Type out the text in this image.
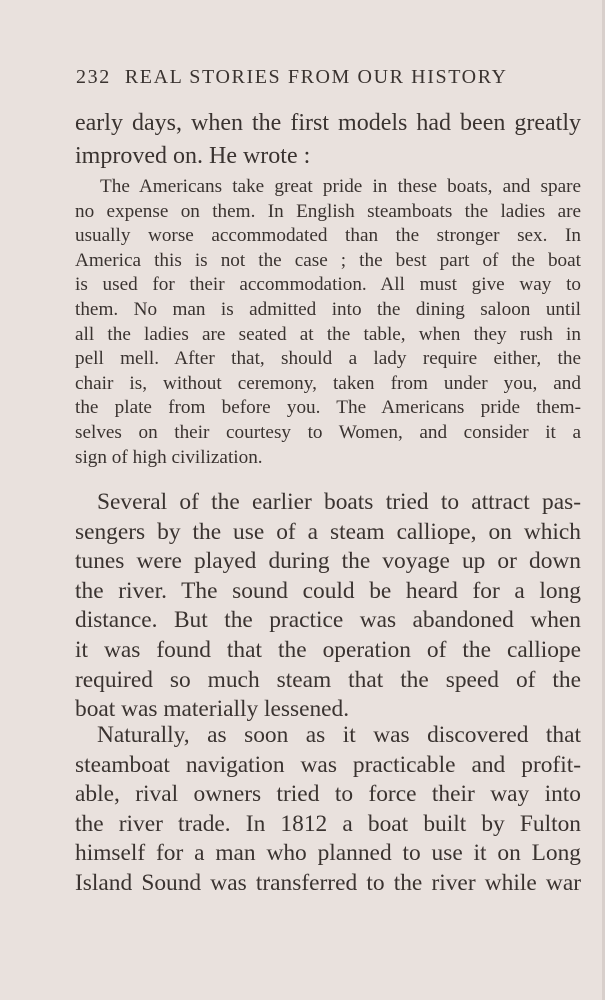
232 REAL STORIES FROM OUR HISTORY
early days, when the first models had been greatly
improved on. He wrote :
The Americans take great pride in these boats, and spare
no expense on them. In English steamboats the ladies are
usually worse accommodated than the stronger sex. In
America this is not the case ; the best part of the boat
is used for their accommodation. All must give way to
them. No man is admitted into the dining saloon until
all the ladies are seated at the table, when they rush in
pell mell. After that, should a lady require either, the
chair is, without ceremony, taken from under you, and
the plate from before you. The Americans pride them-
selves on their courtesy to Women, and consider it a
sign of high civilization.
Several of the earlier boats tried to attract pas-
sengers by the use of a steam calliope, on which
tunes were played during the voyage up or down
the river. The sound could be heard for a long
distance. But the practice was abandoned when
it was found that the operation of the calliope
required so much steam that the speed of the
boat was materially lessened.
Naturally, as soon as it was discovered that
steamboat navigation was practicable and profit-
able, rival owners tried to force their way into
the river trade. In 1812 a boat built by Fulton
himself for a man who planned to use it on Long
Island Sound was transferred to the river while war
